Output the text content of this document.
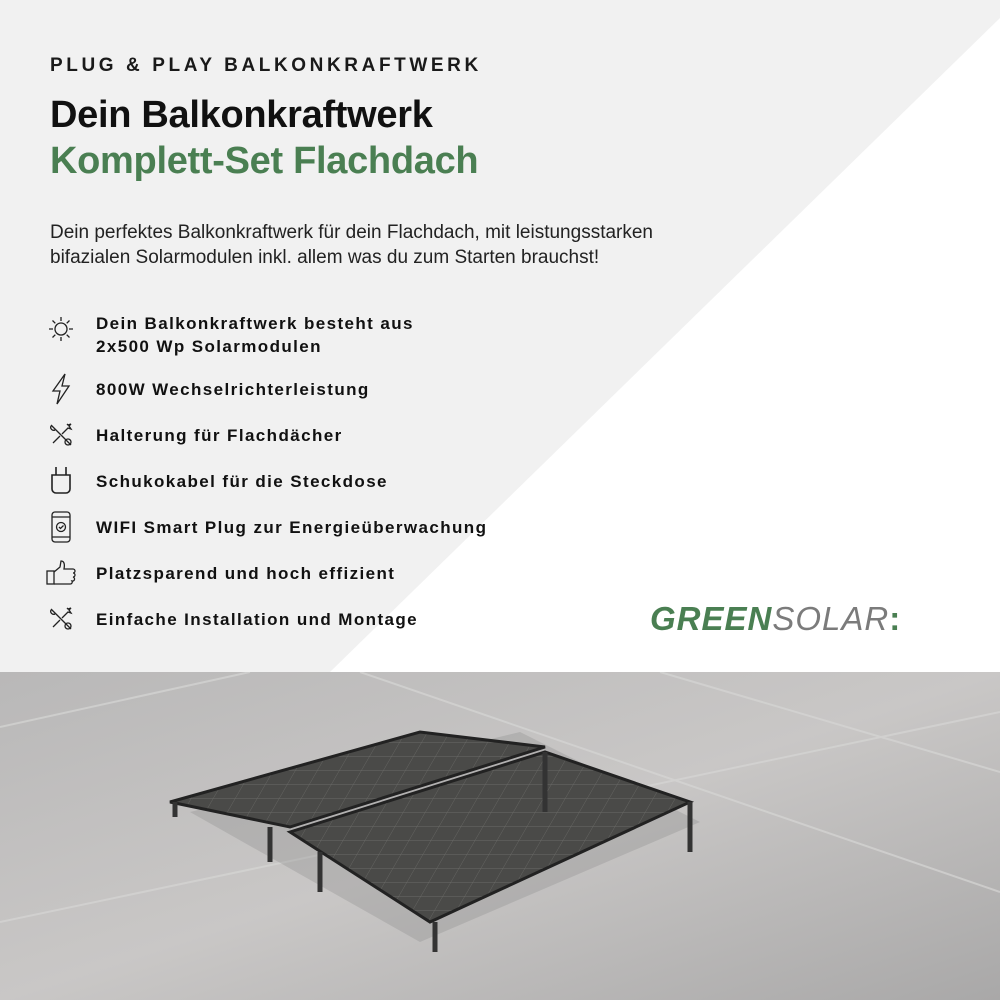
PLUG & PLAY BALKONKRAFTWERK
Dein Balkonkraftwerk
Komplett-Set Flachdach
Dein perfektes Balkonkraftwerk für dein Flachdach, mit leistungsstarken
bifazialen Solarmodulen inkl. allem was du zum Starten brauchst!
Dein Balkonkraftwerk besteht aus
2x500 Wp Solarmodulen
800W Wechselrichterleistung
Halterung für Flachdächer
Schukokabel für die Steckdose
WIFI Smart Plug zur Energieüberwachung
Platzsparend und hoch effizient
Einfache Installation und Montage	GREENSOLAR:
